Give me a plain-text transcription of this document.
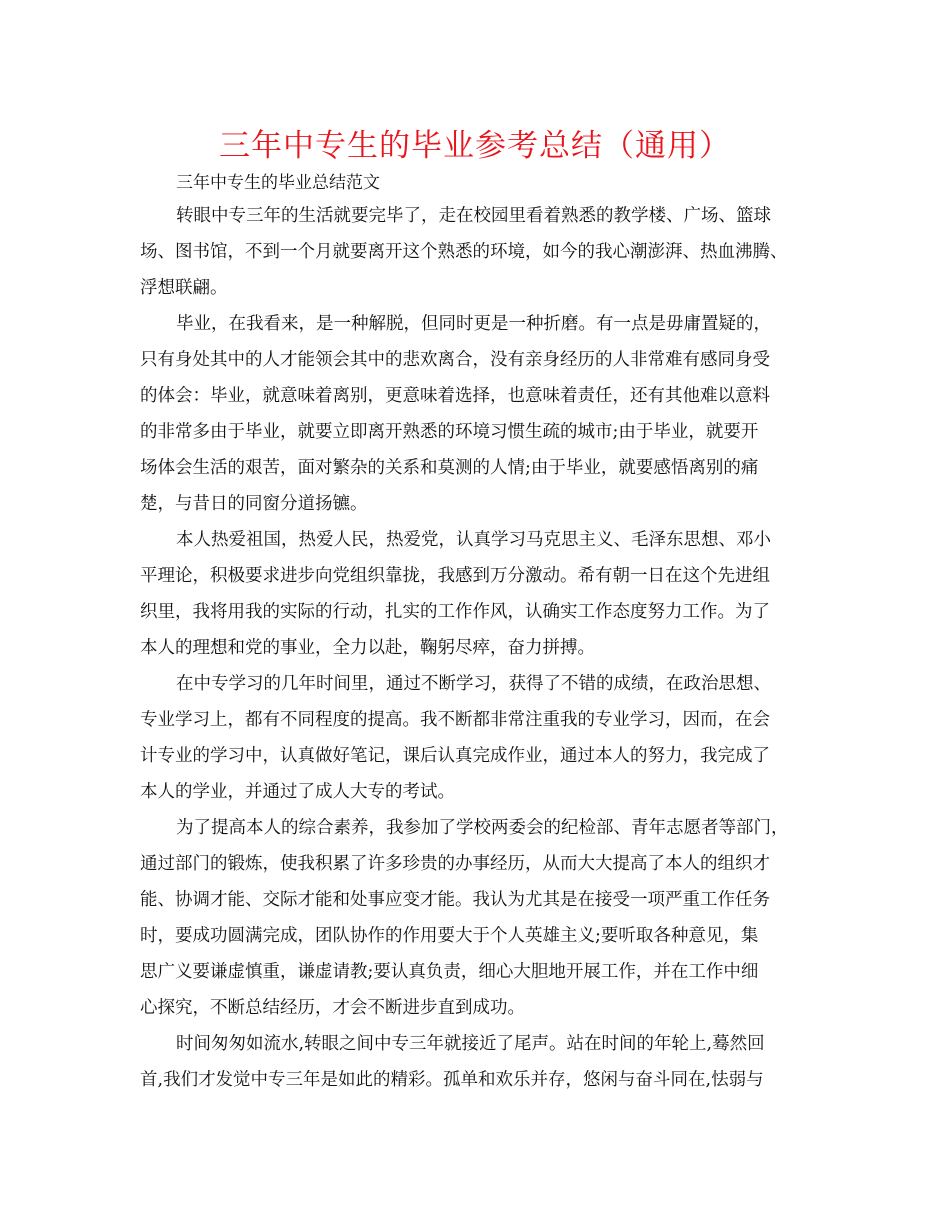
三年中专生的毕业参考总结（通用）
三年中专生的毕业总结范文
转眼中专三年的生活就要完毕了，走在校园里看着熟悉的教学楼、广场、篮球
场、图书馆，不到一个月就要离开这个熟悉的环境，如今的我心潮澎湃、热血沸腾、
浮想联翩。
毕业，在我看来，是一种解脱，但同时更是一种折磨。有一点是毋庸置疑的，
只有身处其中的人才能领会其中的悲欢离合，没有亲身经历的人非常难有感同身受
的体会：毕业，就意味着离别，更意味着选择，也意味着责任，还有其他难以意料
的非常多由于毕业，就要立即离开熟悉的环境习惯生疏的城市;由于毕业，就要开
场体会生活的艰苦，面对繁杂的关系和莫测的人情;由于毕业，就要感悟离别的痛
楚，与昔日的同窗分道扬镳。
本人热爱祖国，热爱人民，热爱党，认真学习马克思主义、毛泽东思想、邓小
平理论，积极要求进步向党组织靠拢，我感到万分激动。希有朝一日在这个先进组
织里，我将用我的实际的行动，扎实的工作作风，认确实工作态度努力工作。为了
本人的理想和党的事业，全力以赴，鞠躬尽瘁，奋力拼搏。
在中专学习的几年时间里，通过不断学习，获得了不错的成绩，在政治思想、
专业学习上，都有不同程度的提高。我不断都非常注重我的专业学习，因而，在会
计专业的学习中，认真做好笔记，课后认真完成作业，通过本人的努力，我完成了
本人的学业，并通过了成人大专的考试。
为了提高本人的综合素养，我参加了学校两委会的纪检部、青年志愿者等部门，
通过部门的锻炼，使我积累了许多珍贵的办事经历，从而大大提高了本人的组织才
能、协调才能、交际才能和处事应变才能。我认为尤其是在接受一项严重工作任务
时，要成功圆满完成，团队协作的作用要大于个人英雄主义;要听取各种意见，集
思广义要谦虚慎重，谦虚请教;要认真负责，细心大胆地开展工作，并在工作中细
心探究，不断总结经历，才会不断进步直到成功。
时间匆匆如流水,转眼之间中专三年就接近了尾声。站在时间的年轮上,蓦然回
首,我们才发觉中专三年是如此的精彩。孤单和欢乐并存，悠闲与奋斗同在,怯弱与
